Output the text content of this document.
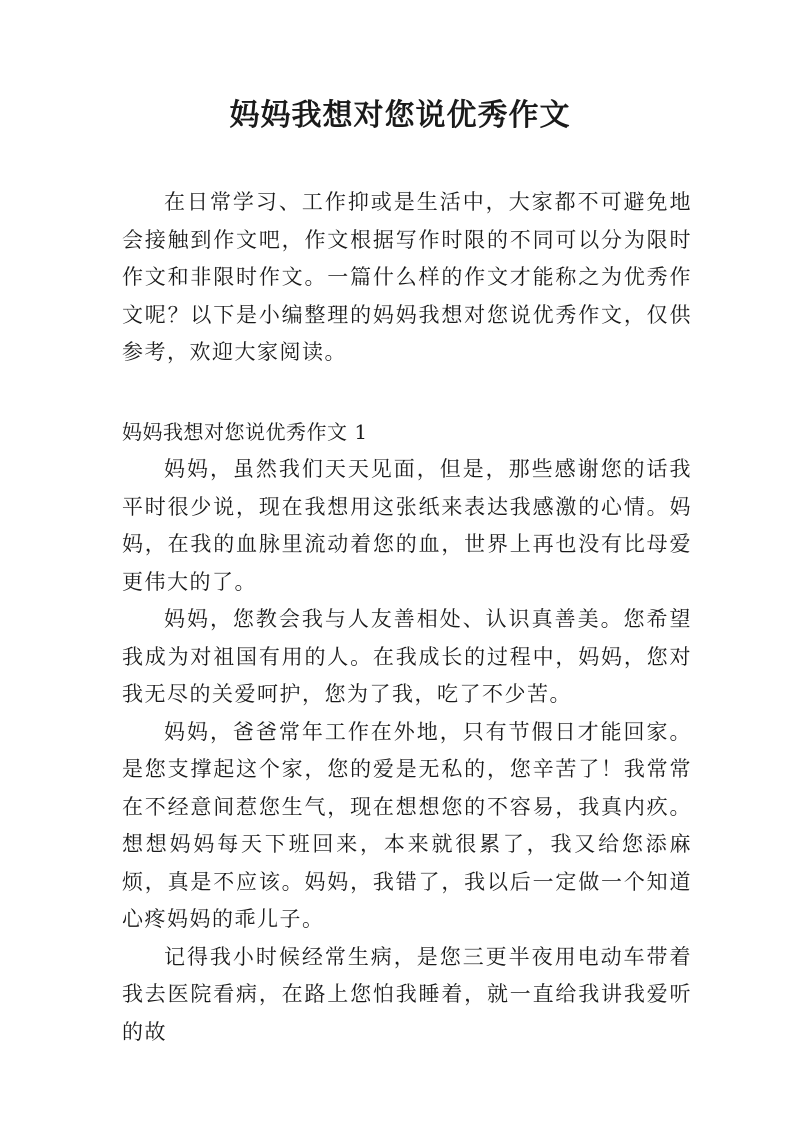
妈妈我想对您说优秀作文

在日常学习、工作抑或是生活中，大家都不可避免地会接触到作文吧，作文根据写作时限的不同可以分为限时作文和非限时作文。一篇什么样的作文才能称之为优秀作文呢？以下是小编整理的妈妈我想对您说优秀作文，仅供参考，欢迎大家阅读。

妈妈我想对您说优秀作文 1

妈妈，虽然我们天天见面，但是，那些感谢您的话我平时很少说，现在我想用这张纸来表达我感激的心情。妈妈，在我的血脉里流动着您的血，世界上再也没有比母爱更伟大的了。

妈妈，您教会我与人友善相处、认识真善美。您希望我成为对祖国有用的人。在我成长的过程中，妈妈，您对我无尽的关爱呵护，您为了我，吃了不少苦。

妈妈，爸爸常年工作在外地，只有节假日才能回家。是您支撑起这个家，您的爱是无私的，您辛苦了！我常常在不经意间惹您生气，现在想想您的不容易，我真内疚。想想妈妈每天下班回来，本来就很累了，我又给您添麻烦，真是不应该。妈妈，我错了，我以后一定做一个知道心疼妈妈的乖儿子。

记得我小时候经常生病，是您三更半夜用电动车带着我去医院看病，在路上您怕我睡着，就一直给我讲我爱听的故
